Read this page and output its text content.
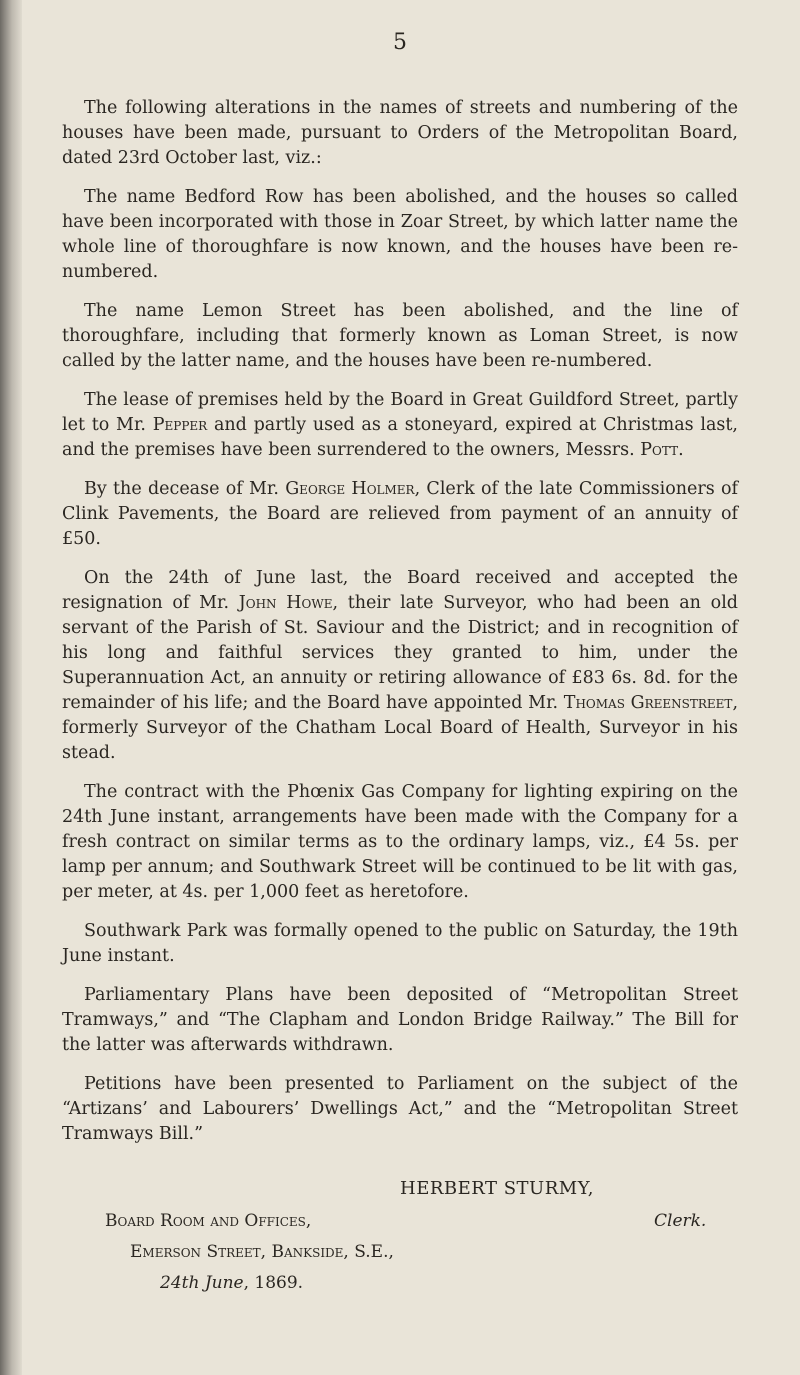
5

The following alterations in the names of streets and numbering of the houses have been made, pursuant to Orders of the Metropolitan Board, dated 23rd October last, viz.:

The name Bedford Row has been abolished, and the houses so called have been incorporated with those in Zoar Street, by which latter name the whole line of thoroughfare is now known, and the houses have been re-numbered.

The name Lemon Street has been abolished, and the line of thoroughfare, including that formerly known as Loman Street, is now called by the latter name, and the houses have been re-numbered.

The lease of premises held by the Board in Great Guildford Street, partly let to Mr. Pepper and partly used as a stoneyard, expired at Christmas last, and the premises have been surrendered to the owners, Messrs. Pott.

By the decease of Mr. George Holmer, Clerk of the late Commissioners of Clink Pavements, the Board are relieved from payment of an annuity of £50.

On the 24th of June last, the Board received and accepted the resignation of Mr. John Howe, their late Surveyor, who had been an old servant of the Parish of St. Saviour and the District; and in recognition of his long and faithful services they granted to him, under the Superannuation Act, an annuity or retiring allowance of £83 6s. 8d. for the remainder of his life; and the Board have appointed Mr. Thomas Greenstreet, formerly Surveyor of the Chatham Local Board of Health, Surveyor in his stead.

The contract with the Phœnix Gas Company for lighting expiring on the 24th June instant, arrangements have been made with the Company for a fresh contract on similar terms as to the ordinary lamps, viz., £4 5s. per lamp per annum; and Southwark Street will be continued to be lit with gas, per meter, at 4s. per 1,000 feet as heretofore.

Southwark Park was formally opened to the public on Saturday, the 19th June instant.

Parliamentary Plans have been deposited of “Metropolitan Street Tramways,” and “The Clapham and London Bridge Railway.” The Bill for the latter was afterwards withdrawn.

Petitions have been presented to Parliament on the subject of the “Artizans’ and Labourers’ Dwellings Act,” and the “Metropolitan Street Tramways Bill.”

HERBERT STURMY,
Clerk.
Board Room and Offices,
Emerson Street, Bankside, S.E.,
24th June, 1869.
